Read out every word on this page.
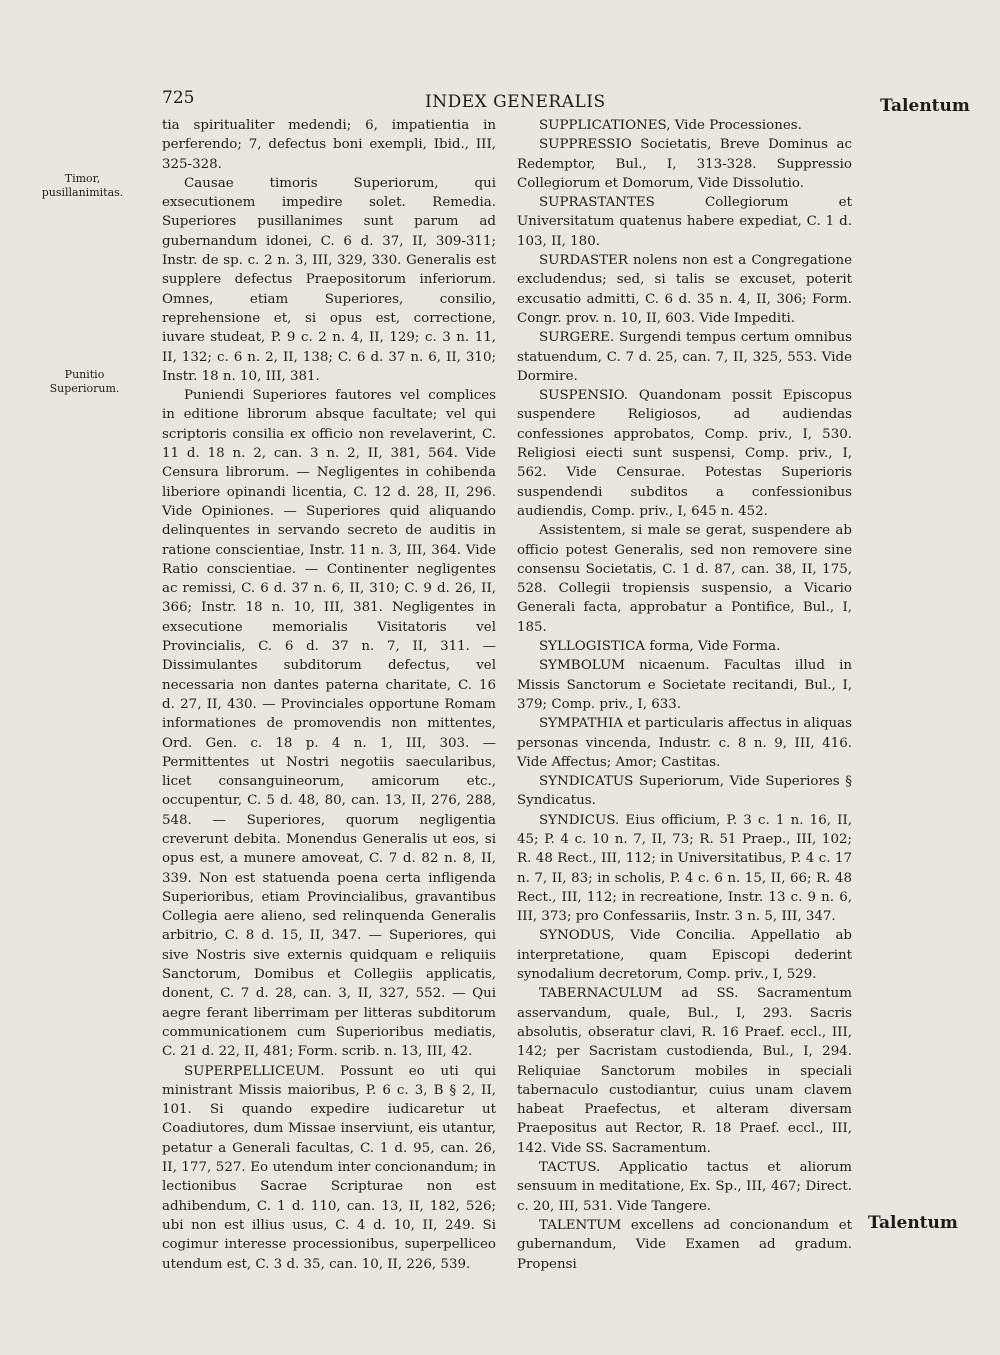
725	INDEX GENERALIS	Talentum
Timor,
pusillanimitas.
Punitio
Superiorum.

tia spiritualiter medendi; 6, impatientia in perferendo; 7, defectus boni exempli, Ibid., III, 325-328.

Causae timoris Superiorum, qui exsecutionem impedire solet. Remedia. Superiores pusillanimes sunt parum ad gubernandum idonei, C. 6 d. 37, II, 309-311; Instr. de sp. c. 2 n. 3, III, 329, 330. Generalis est supplere defectus Praepositorum inferiorum. Omnes, etiam Superiores, consilio, reprehensione et, si opus est, correctione, iuvare studeat, P. 9 c. 2 n. 4, II, 129; c. 3 n. 11, II, 132; c. 6 n. 2, II, 138; C. 6 d. 37 n. 6, II, 310; Instr. 18 n. 10, III, 381.

Puniendi Superiores fautores vel complices in editione librorum absque facultate; vel qui scriptoris consilia ex officio non revelaverint, C. 11 d. 18 n. 2, can. 3 n. 2, II, 381, 564. Vide Censura librorum. — Negligentes in cohibenda liberiore opinandi licentia, C. 12 d. 28, II, 296. Vide Opiniones. — Superiores quid aliquando delinquentes in servando secreto de auditis in ratione conscientiae, Instr. 11 n. 3, III, 364. Vide Ratio conscientiae. — Continenter negligentes ac remissi, C. 6 d. 37 n. 6, II, 310; C. 9 d. 26, II, 366; Instr. 18 n. 10, III, 381. Negligentes in exsecutione memorialis Visitatoris vel Provincialis, C. 6 d. 37 n. 7, II, 311. — Dissimulantes subditorum defectus, vel necessaria non dantes paterna charitate, C. 16 d. 27, II, 430. — Provinciales opportune Romam informationes de promovendis non mittentes, Ord. Gen. c. 18 p. 4 n. 1, III, 303. — Permittentes ut Nostri negotiis saecularibus, licet consanguineorum, amicorum etc., occupentur, C. 5 d. 48, 80, can. 13, II, 276, 288, 548. — Superiores, quorum negligentia creverunt debita. Monendus Generalis ut eos, si opus est, a munere amoveat, C. 7 d. 82 n. 8, II, 339. Non est statuenda poena certa infligenda Superioribus, etiam Provincialibus, gravantibus Collegia aere alieno, sed relinquenda Generalis arbitrio, C. 8 d. 15, II, 347. — Superiores, qui sive Nostris sive externis quidquam e reliquiis Sanctorum, Domibus et Collegiis applicatis, donent, C. 7 d. 28, can. 3, II, 327, 552. — Qui aegre ferant liberrimam per litteras subditorum communicationem cum Superioribus mediatis, C. 21 d. 22, II, 481; Form. scrib. n. 13, III, 42.

SUPERPELLICEUM. Possunt eo uti qui ministrant Missis maioribus, P. 6 c. 3, B § 2, II, 101. Si quando expedire iudicaretur ut Coadiutores, dum Missae inserviunt, eis utantur, petatur a Generali facultas, C. 1 d. 95, can. 26, II, 177, 527. Eo utendum inter concionandum; in lectionibus Sacrae Scripturae non est adhibendum, C. 1 d. 110, can. 13, II, 182, 526; ubi non est illius usus, C. 4 d. 10, II, 249. Si cogimur interesse processionibus, superpelliceo utendum est, C. 3 d. 35, can. 10, II, 226, 539.

SUPPLICATIONES, Vide Processiones.

SUPPRESSIO Societatis, Breve Dominus ac Redemptor, Bul., I, 313-328. Suppressio Collegiorum et Domorum, Vide Dissolutio.

SUPRASTANTES Collegiorum et Universitatum quatenus habere expediat, C. 1 d. 103, II, 180.

SURDASTER nolens non est a Congregatione excludendus; sed, si talis se excuset, poterit excusatio admitti, C. 6 d. 35 n. 4, II, 306; Form. Congr. prov. n. 10, II, 603. Vide Impediti.

SURGERE. Surgendi tempus certum omnibus statuendum, C. 7 d. 25, can. 7, II, 325, 553. Vide Dormire.

SUSPENSIO. Quandonam possit Episcopus suspendere Religiosos, ad audiendas confessiones approbatos, Comp. priv., I, 530. Religiosi eiecti sunt suspensi, Comp. priv., I, 562. Vide Censurae. Potestas Superioris suspendendi subditos a confessionibus audiendis, Comp. priv., I, 645 n. 452.

Assistentem, si male se gerat, suspendere ab officio potest Generalis, sed non removere sine consensu Societatis, C. 1 d. 87, can. 38, II, 175, 528. Collegii tropiensis suspensio, a Vicario Generali facta, approbatur a Pontifice, Bul., I, 185.

SYLLOGISTICA forma, Vide Forma.

SYMBOLUM nicaenum. Facultas illud in Missis Sanctorum e Societate recitandi, Bul., I, 379; Comp. priv., I, 633.

SYMPATHIA et particularis affectus in aliquas personas vincenda, Industr. c. 8 n. 9, III, 416. Vide Affectus; Amor; Castitas.

SYNDICATUS Superiorum, Vide Superiores § Syndicatus.

SYNDICUS. Eius officium, P. 3 c. 1 n. 16, II, 45; P. 4 c. 10 n. 7, II, 73; R. 51 Praep., III, 102; R. 48 Rect., III, 112; in Universitatibus, P. 4 c. 17 n. 7, II, 83; in scholis, P. 4 c. 6 n. 15, II, 66; R. 48 Rect., III, 112; in recreatione, Instr. 13 c. 9 n. 6, III, 373; pro Confessariis, Instr. 3 n. 5, III, 347.

SYNODUS, Vide Concilia. Appellatio ab interpretatione, quam Episcopi dederint synodalium decretorum, Comp. priv., I, 529.

TABERNACULUM ad SS. Sacramentum asservandum, quale, Bul., I, 293. Sacris absolutis, obseratur clavi, R. 16 Praef. eccl., III, 142; per Sacristam custodienda, Bul., I, 294. Reliquiae Sanctorum mobiles in speciali tabernaculo custodiantur, cuius unam clavem habeat Praefectus, et alteram diversam Praepositus aut Rector, R. 18 Praef. eccl., III, 142. Vide SS. Sacramentum.

TACTUS. Applicatio tactus et aliorum sensuum in meditatione, Ex. Sp., III, 467; Direct. c. 20, III, 531. Vide Tangere.

TALENTUM excellens ad concionandum et gubernandum, Vide Examen ad gradum. Propensi

Talentum
